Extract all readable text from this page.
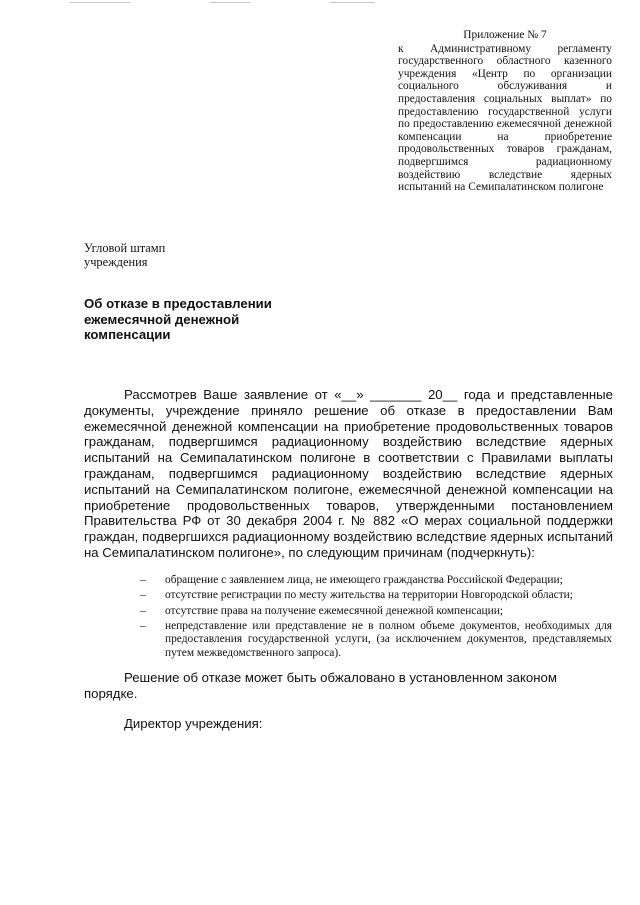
Приложение № 7
к Административному регламенту государственного областного казенного учреждения «Центр по организации социального обслуживания и предоставления социальных выплат» по предоставлению государственной услуги по предоставлению ежемесячной денежной компенсации на приобретение продовольственных товаров гражданам, подвергшимся радиационному воздействию вследствие ядерных испытаний на Семипалатинском полигоне
Угловой штамп
учреждения
Об отказе в предоставлении ежемесячной денежной компенсации
Рассмотрев Ваше заявление от «__» _______ 20__ года и представленные документы, учреждение приняло решение об отказе в предоставлении Вам ежемесячной денежной компенсации на приобретение продовольственных товаров гражданам, подвергшимся радиационному воздействию вследствие ядерных испытаний на Семипалатинском полигоне в соответствии с Правилами выплаты гражданам, подвергшимся радиационному воздействию вследствие ядерных испытаний на Семипалатинском полигоне, ежемесячной денежной компенсации на приобретение продовольственных товаров, утвержденными постановлением Правительства РФ от 30 декабря 2004 г. № 882 «О мерах социальной поддержки граждан, подвергшихся радиационному воздействию вследствие ядерных испытаний на Семипалатинском полигоне», по следующим причинам (подчеркнуть):
– обращение с заявлением лица, не имеющего гражданства Российской Федерации;
– отсутствие регистрации по месту жительства на территории Новгородской области;
– отсутствие права на получение ежемесячной денежной компенсации;
– непредставление или представление не в полном объеме документов, необходимых для предоставления государственной услуги, (за исключением документов, представляемых путем межведомственного запроса).
Решение об отказе может быть обжаловано в установленном законом порядке.
Директор учреждения:
